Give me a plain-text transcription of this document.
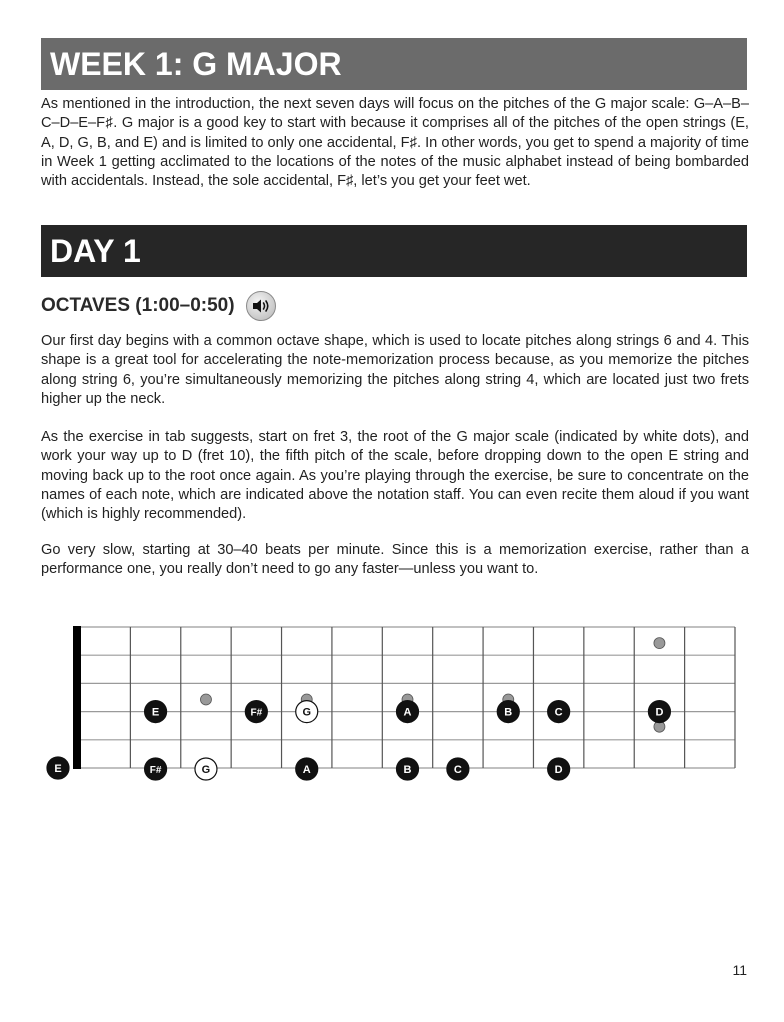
WEEK 1: G MAJOR

As mentioned in the introduction, the next seven days will focus on the pitches of the G major scale: G–A–B–C–D–E–F♯. G major is a good key to start with because it comprises all of the pitches of the open strings (E, A, D, G, B, and E) and is limited to only one accidental, F♯. In other words, you get to spend a majority of time in Week 1 getting acclimated to the locations of the notes of the music alphabet instead of being bombarded with accidentals. Instead, the sole accidental, F♯, let’s you get your feet wet.

DAY 1
OCTAVES (1:00–0:50)

Our first day begins with a common octave shape, which is used to locate pitches along strings 6 and 4. This shape is a great tool for accelerating the note-memorization process because, as you memorize the pitches along string 6, you’re simultaneously memorizing the pitches along string 4, which are located just two frets higher up the neck.

As the exercise in tab suggests, start on fret 3, the root of the G major scale (indicated by white dots), and work your way up to D (fret 10), the fifth pitch of the scale, before dropping down to the open E string and moving back up to the root once again. As you’re playing through the exercise, be sure to concentrate on the names of each note, which are indicated above the notation staff. You can even recite them aloud if you want (which is highly recommended).

Go very slow, starting at 30–40 beats per minute. Since this is a memorization exercise, rather than a performance one, you really don’t need to go any faster—unless you want to.

E
E	F#	G	A	B	C	D
F#	G	A	B	C	D
11
